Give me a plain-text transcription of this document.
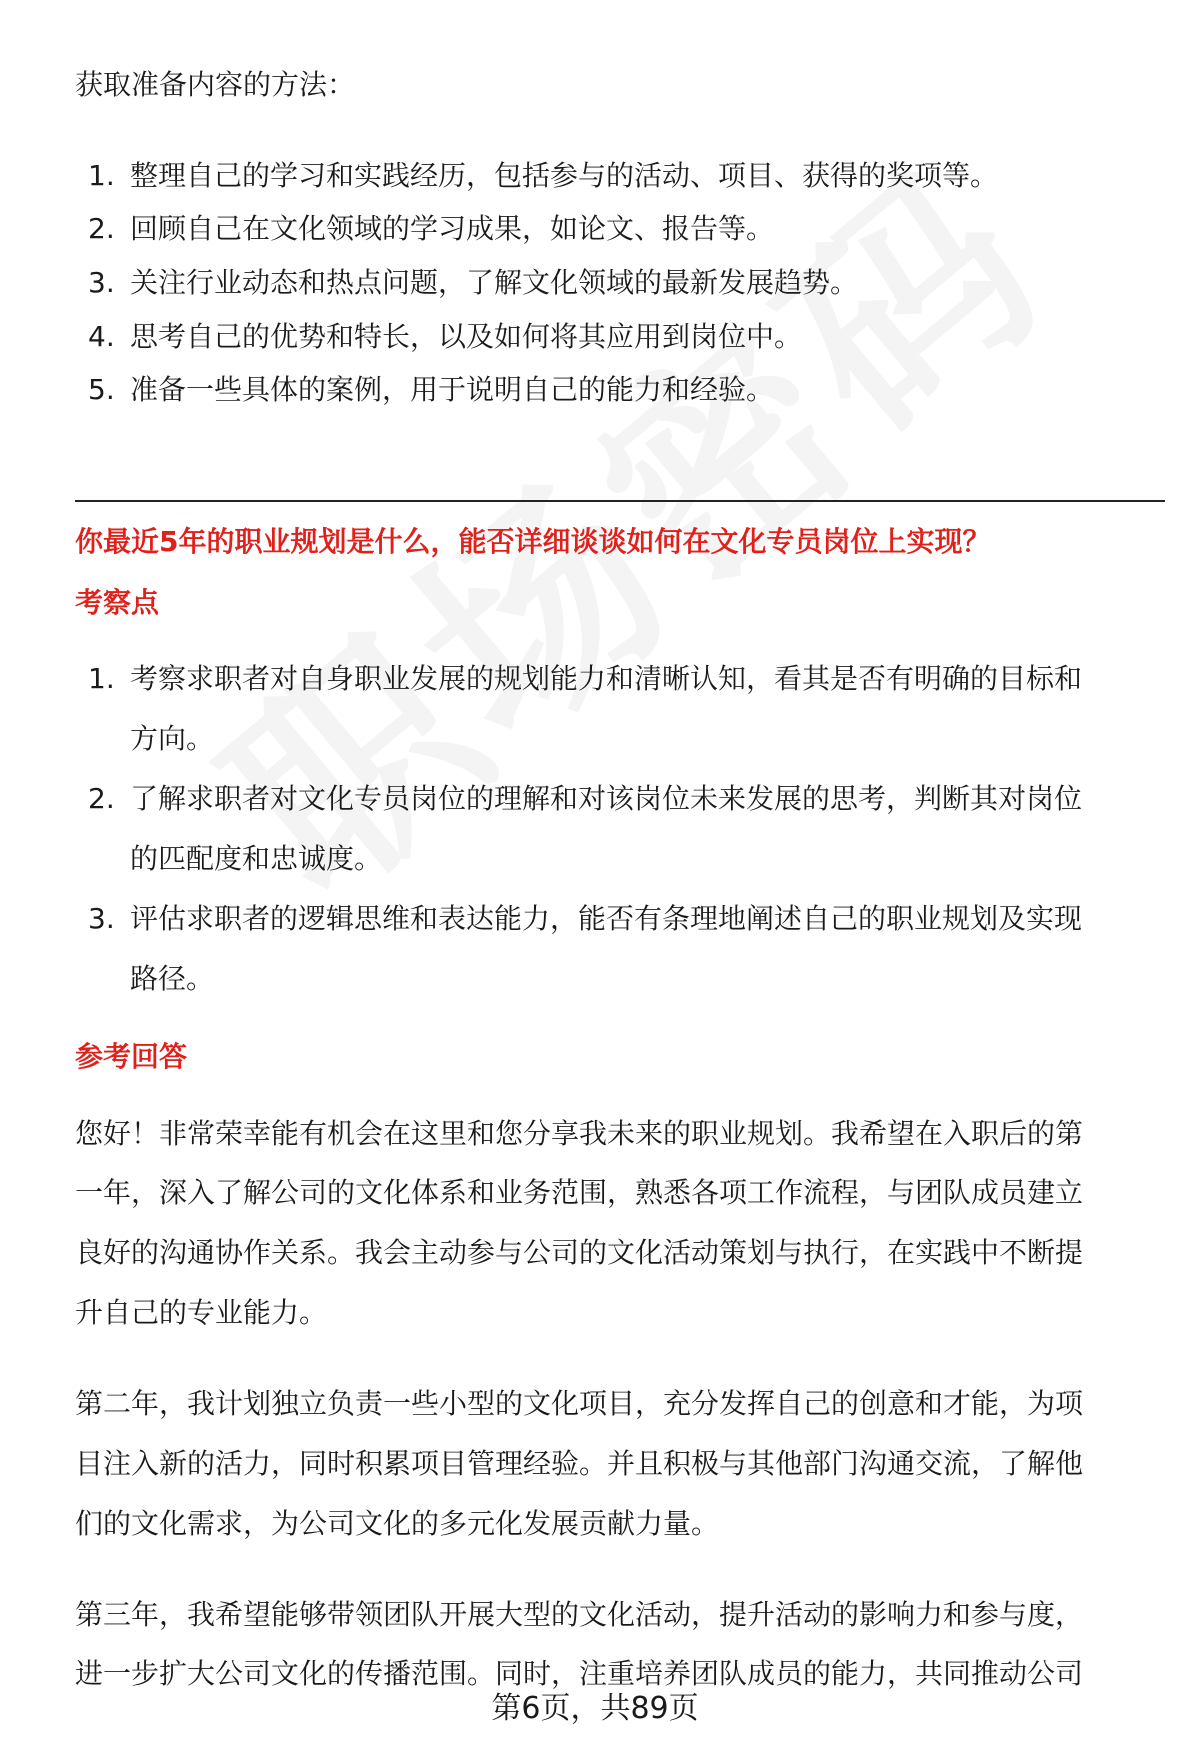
获取准备内容的方法：
1. 整理自己的学习和实践经历，包括参与的活动、项目、获得的奖项等。
2. 回顾自己在文化领域的学习成果，如论文、报告等。
3. 关注行业动态和热点问题，了解文化领域的最新发展趋势。
4. 思考自己的优势和特长，以及如何将其应用到岗位中。
5. 准备一些具体的案例，用于说明自己的能力和经验。
你最近5年的职业规划是什么，能否详细谈谈如何在文化专员岗位上实现？
考察点
1. 考察求职者对自身职业发展的规划能力和清晰认知，看其是否有明确的目标和
方向。
2. 了解求职者对文化专员岗位的理解和对该岗位未来发展的思考，判断其对岗位
的匹配度和忠诚度。
3. 评估求职者的逻辑思维和表达能力，能否有条理地阐述自己的职业规划及实现
路径。
参考回答
您好！非常荣幸能有机会在这里和您分享我未来的职业规划。我希望在入职后的第
一年，深入了解公司的文化体系和业务范围，熟悉各项工作流程，与团队成员建立
良好的沟通协作关系。我会主动参与公司的文化活动策划与执行，在实践中不断提
升自己的专业能力。
第二年，我计划独立负责一些小型的文化项目，充分发挥自己的创意和才能，为项
目注入新的活力，同时积累项目管理经验。并且积极与其他部门沟通交流，了解他
们的文化需求，为公司文化的多元化发展贡献力量。
第三年，我希望能够带领团队开展大型的文化活动，提升活动的影响力和参与度，
进一步扩大公司文化的传播范围。同时，注重培养团队成员的能力，共同推动公司
第6页，共89页
